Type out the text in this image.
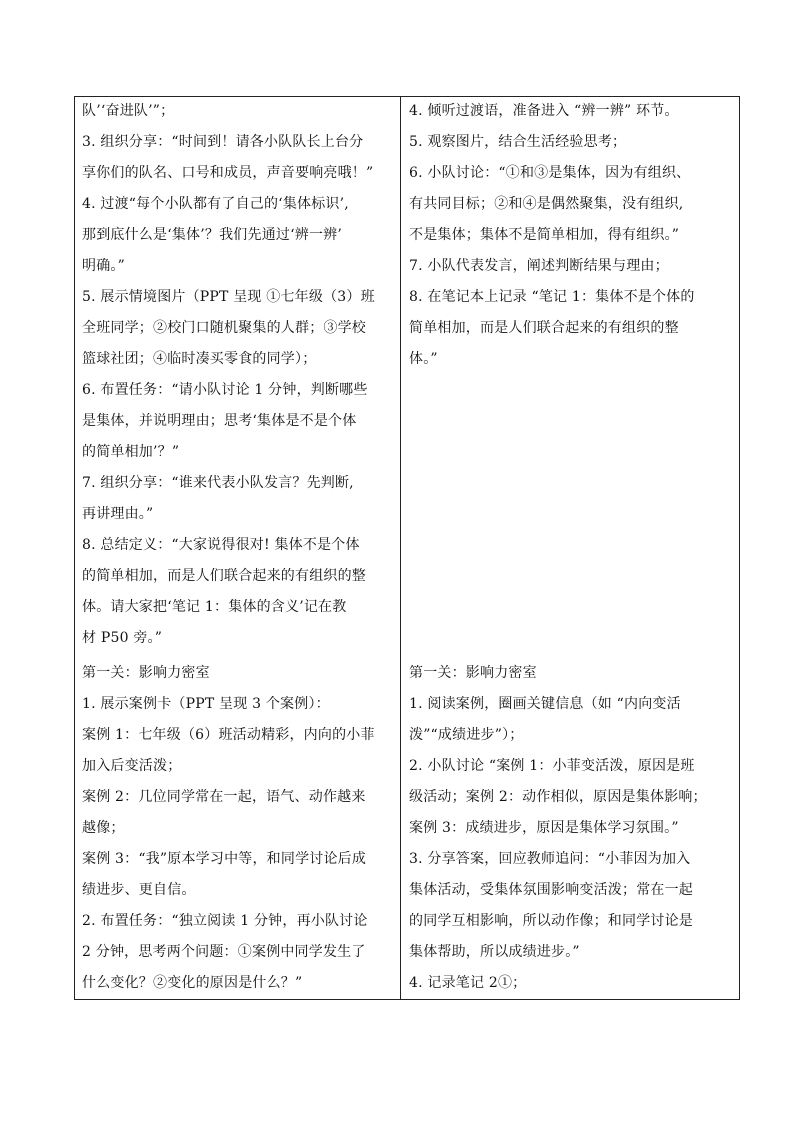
队’‘奋进队’”；
3. 组织分享：“时间到！请各小队队长上台分
享你们的队名、口号和成员，声音要响亮哦！”
4. 过渡“每个小队都有了自己的‘集体标识’,
那到底什么是‘集体’？我们先通过‘辨一辨’
明确。”
5. 展示情境图片（PPT 呈现 ①七年级（3）班
全班同学；②校门口随机聚集的人群；③学校
篮球社团；④临时凑买零食的同学）；
6. 布置任务：“请小队讨论 1 分钟，判断哪些
是集体，并说明理由；思考‘集体是不是个体
的简单相加’？”
7. 组织分享：“谁来代表小队发言？先判断,
再讲理由。”
8. 总结定义：“大家说得很对! 集体不是个体
的简单相加，而是人们联合起来的有组织的整
体。请大家把‘笔记 1：集体的含义’记在教
材 P50 旁。”
第一关：影响力密室
1. 展示案例卡（PPT 呈现 3 个案例）：
案例 1：七年级（6）班活动精彩，内向的小菲
加入后变活泼；
案例 2：几位同学常在一起，语气、动作越来
越像；
案例 3：“我”原本学习中等，和同学讨论后成
绩进步、更自信。
2. 布置任务：“独立阅读 1 分钟，再小队讨论
2 分钟，思考两个问题：①案例中同学发生了
什么变化？②变化的原因是什么？”
4. 倾听过渡语，准备进入 “辨一辨” 环节。
5. 观察图片，结合生活经验思考；
6. 小队讨论：“①和③是集体，因为有组织、
有共同目标；②和④是偶然聚集，没有组织,
不是集体；集体不是简单相加，得有组织。”
7. 小队代表发言，阐述判断结果与理由；
8. 在笔记本上记录 “笔记 1：集体不是个体的
简单相加，而是人们联合起来的有组织的整
体。”
第一关：影响力密室
1. 阅读案例，圈画关键信息（如 “内向变活
泼”“成绩进步”）；
2. 小队讨论 “案例 1：小菲变活泼，原因是班
级活动；案例 2：动作相似，原因是集体影响；
案例 3：成绩进步，原因是集体学习氛围。”
3. 分享答案，回应教师追问：“小菲因为加入
集体活动，受集体氛围影响变活泼；常在一起
的同学互相影响，所以动作像；和同学讨论是
集体帮助，所以成绩进步。”
4. 记录笔记 2①；
